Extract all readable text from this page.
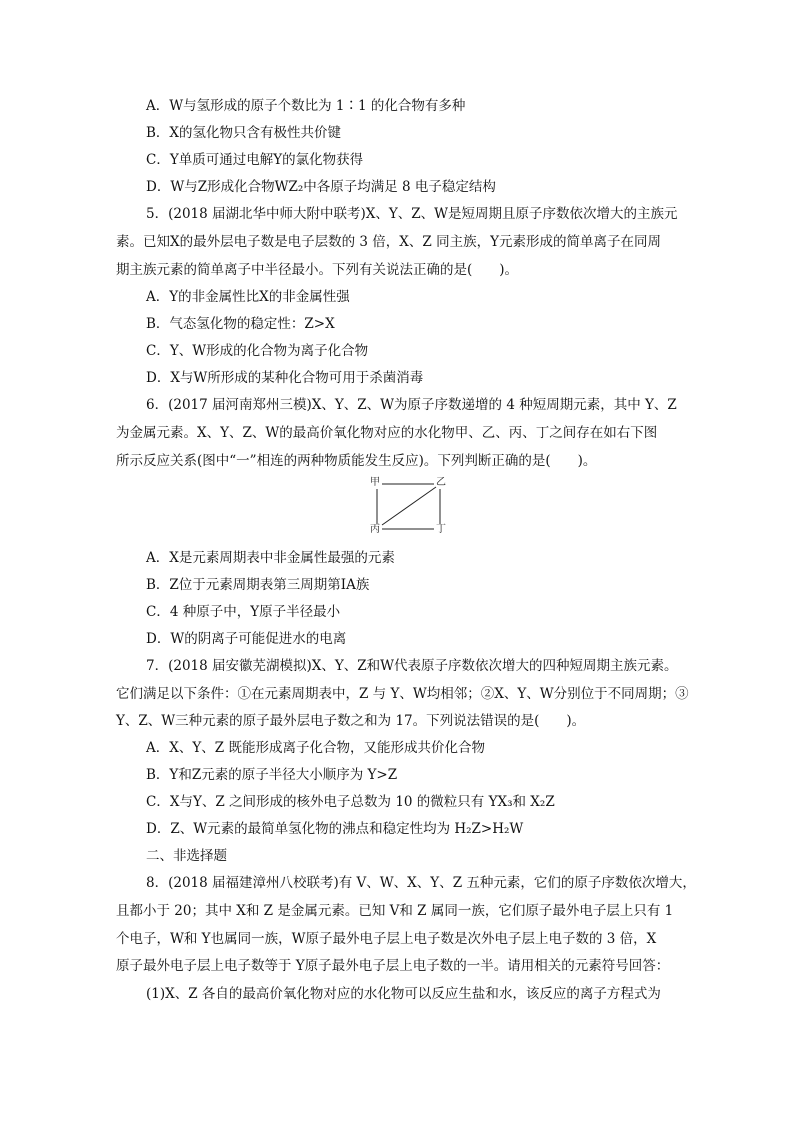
A．W与氢形成的原子个数比为 1∶1 的化合物有多种
B．X的氢化物只含有极性共价键
C．Y单质可通过电解Y的氯化物获得
D．W与Z形成化合物WZ₂中各原子均满足 8 电子稳定结构
5．(2018 届湖北华中师大附中联考)X、Y、Z、W是短周期且原子序数依次增大的主族元
素。已知X的最外层电子数是电子层数的 3 倍，X、Z 同主族，Y元素形成的简单离子在同周
期主族元素的简单离子中半径最小。下列有关说法正确的是(　　)。
A．Y的非金属性比X的非金属性强
B．气态氢化物的稳定性：Z>X
C．Y、W形成的化合物为离子化合物
D．X与W所形成的某种化合物可用于杀菌消毒
6．(2017 届河南郑州三模)X、Y、Z、W为原子序数递增的 4 种短周期元素，其中 Y、Z
为金属元素。X、Y、Z、W的最高价氧化物对应的水化物甲、乙、丙、丁之间存在如右下图
所示反应关系(图中“一”相连的两种物质能发生反应)。下列判断正确的是(　　)。
甲	乙
丙	丁
A．X是元素周期表中非金属性最强的元素
B．Z位于元素周期表第三周期第ⅠA族
C．4 种原子中，Y原子半径最小
D．W的阴离子可能促进水的电离
7．(2018 届安徽芜湖模拟)X、Y、Z和W代表原子序数依次增大的四种短周期主族元素。
它们满足以下条件：①在元素周期表中，Z 与 Y、W均相邻；②X、Y、W分别位于不同周期；③
Y、Z、W三种元素的原子最外层电子数之和为 17。下列说法错误的是(　　)。
A．X、Y、Z 既能形成离子化合物，又能形成共价化合物
B．Y和Z元素的原子半径大小顺序为 Y>Z
C．X与Y、Z 之间形成的核外电子总数为 10 的微粒只有 YX₃和 X₂Z
D．Z、W元素的最简单氢化物的沸点和稳定性均为 H₂Z>H₂W
二、非选择题
8．(2018 届福建漳州八校联考)有 V、W、X、Y、Z 五种元素，它们的原子序数依次增大，
且都小于 20；其中 X和 Z 是金属元素。已知 V和 Z 属同一族，它们原子最外电子层上只有 1
个电子，W和 Y也属同一族，W原子最外电子层上电子数是次外电子层上电子数的 3 倍，X
原子最外电子层上电子数等于 Y原子最外电子层上电子数的一半。请用相关的元素符号回答：
(1)X、Z 各自的最高价氧化物对应的水化物可以反应生盐和水，该反应的离子方程式为
